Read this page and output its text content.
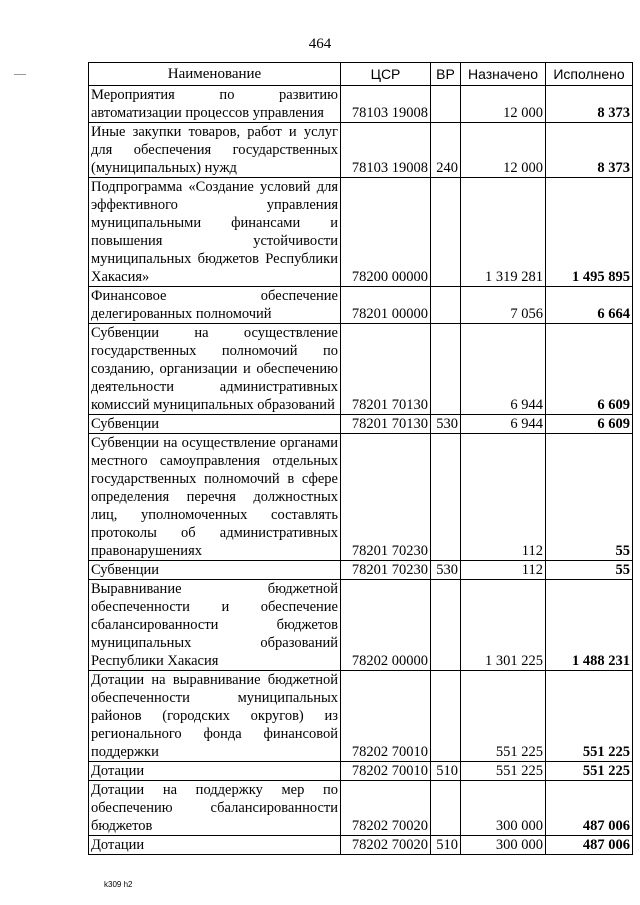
464
Наименование	ЦСР	ВР	Назначено	Исполнено
Мероприятия по развитию автоматизации процессов управления	78103 19008		12 000	8 373
Иные закупки товаров, работ и услуг для обеспечения государственных (муниципальных) нужд	78103 19008	240	12 000	8 373
Подпрограмма «Создание условий для эффективного управления муниципальными финансами и повышения устойчивости муниципальных бюджетов Республики Хакасия»	78200 00000		1 319 281	1 495 895
Финансовое обеспечение делегированных полномочий	78201 00000		7 056	6 664
Субвенции на осуществление государственных полномочий по созданию, организации и обеспечению деятельности административных комиссий муниципальных образований	78201 70130		6 944	6 609
Субвенции	78201 70130	530	6 944	6 609
Субвенции на осуществление органами местного самоуправления отдельных государственных полномочий в сфере определения перечня должностных лиц, уполномоченных составлять протоколы об административных правонарушениях	78201 70230		112	55
Субвенции	78201 70230	530	112	55
Выравнивание бюджетной обеспеченности и обеспечение сбалансированности бюджетов муниципальных образований Республики Хакасия	78202 00000		1 301 225	1 488 231
Дотации на выравнивание бюджетной обеспеченности муниципальных районов (городских округов) из регионального фонда финансовой поддержки	78202 70010		551 225	551 225
Дотации	78202 70010	510	551 225	551 225
Дотации на поддержку мер по обеспечению сбалансированности бюджетов	78202 70020		300 000	487 006
Дотации	78202 70020	510	300 000	487 006
k309 h2
